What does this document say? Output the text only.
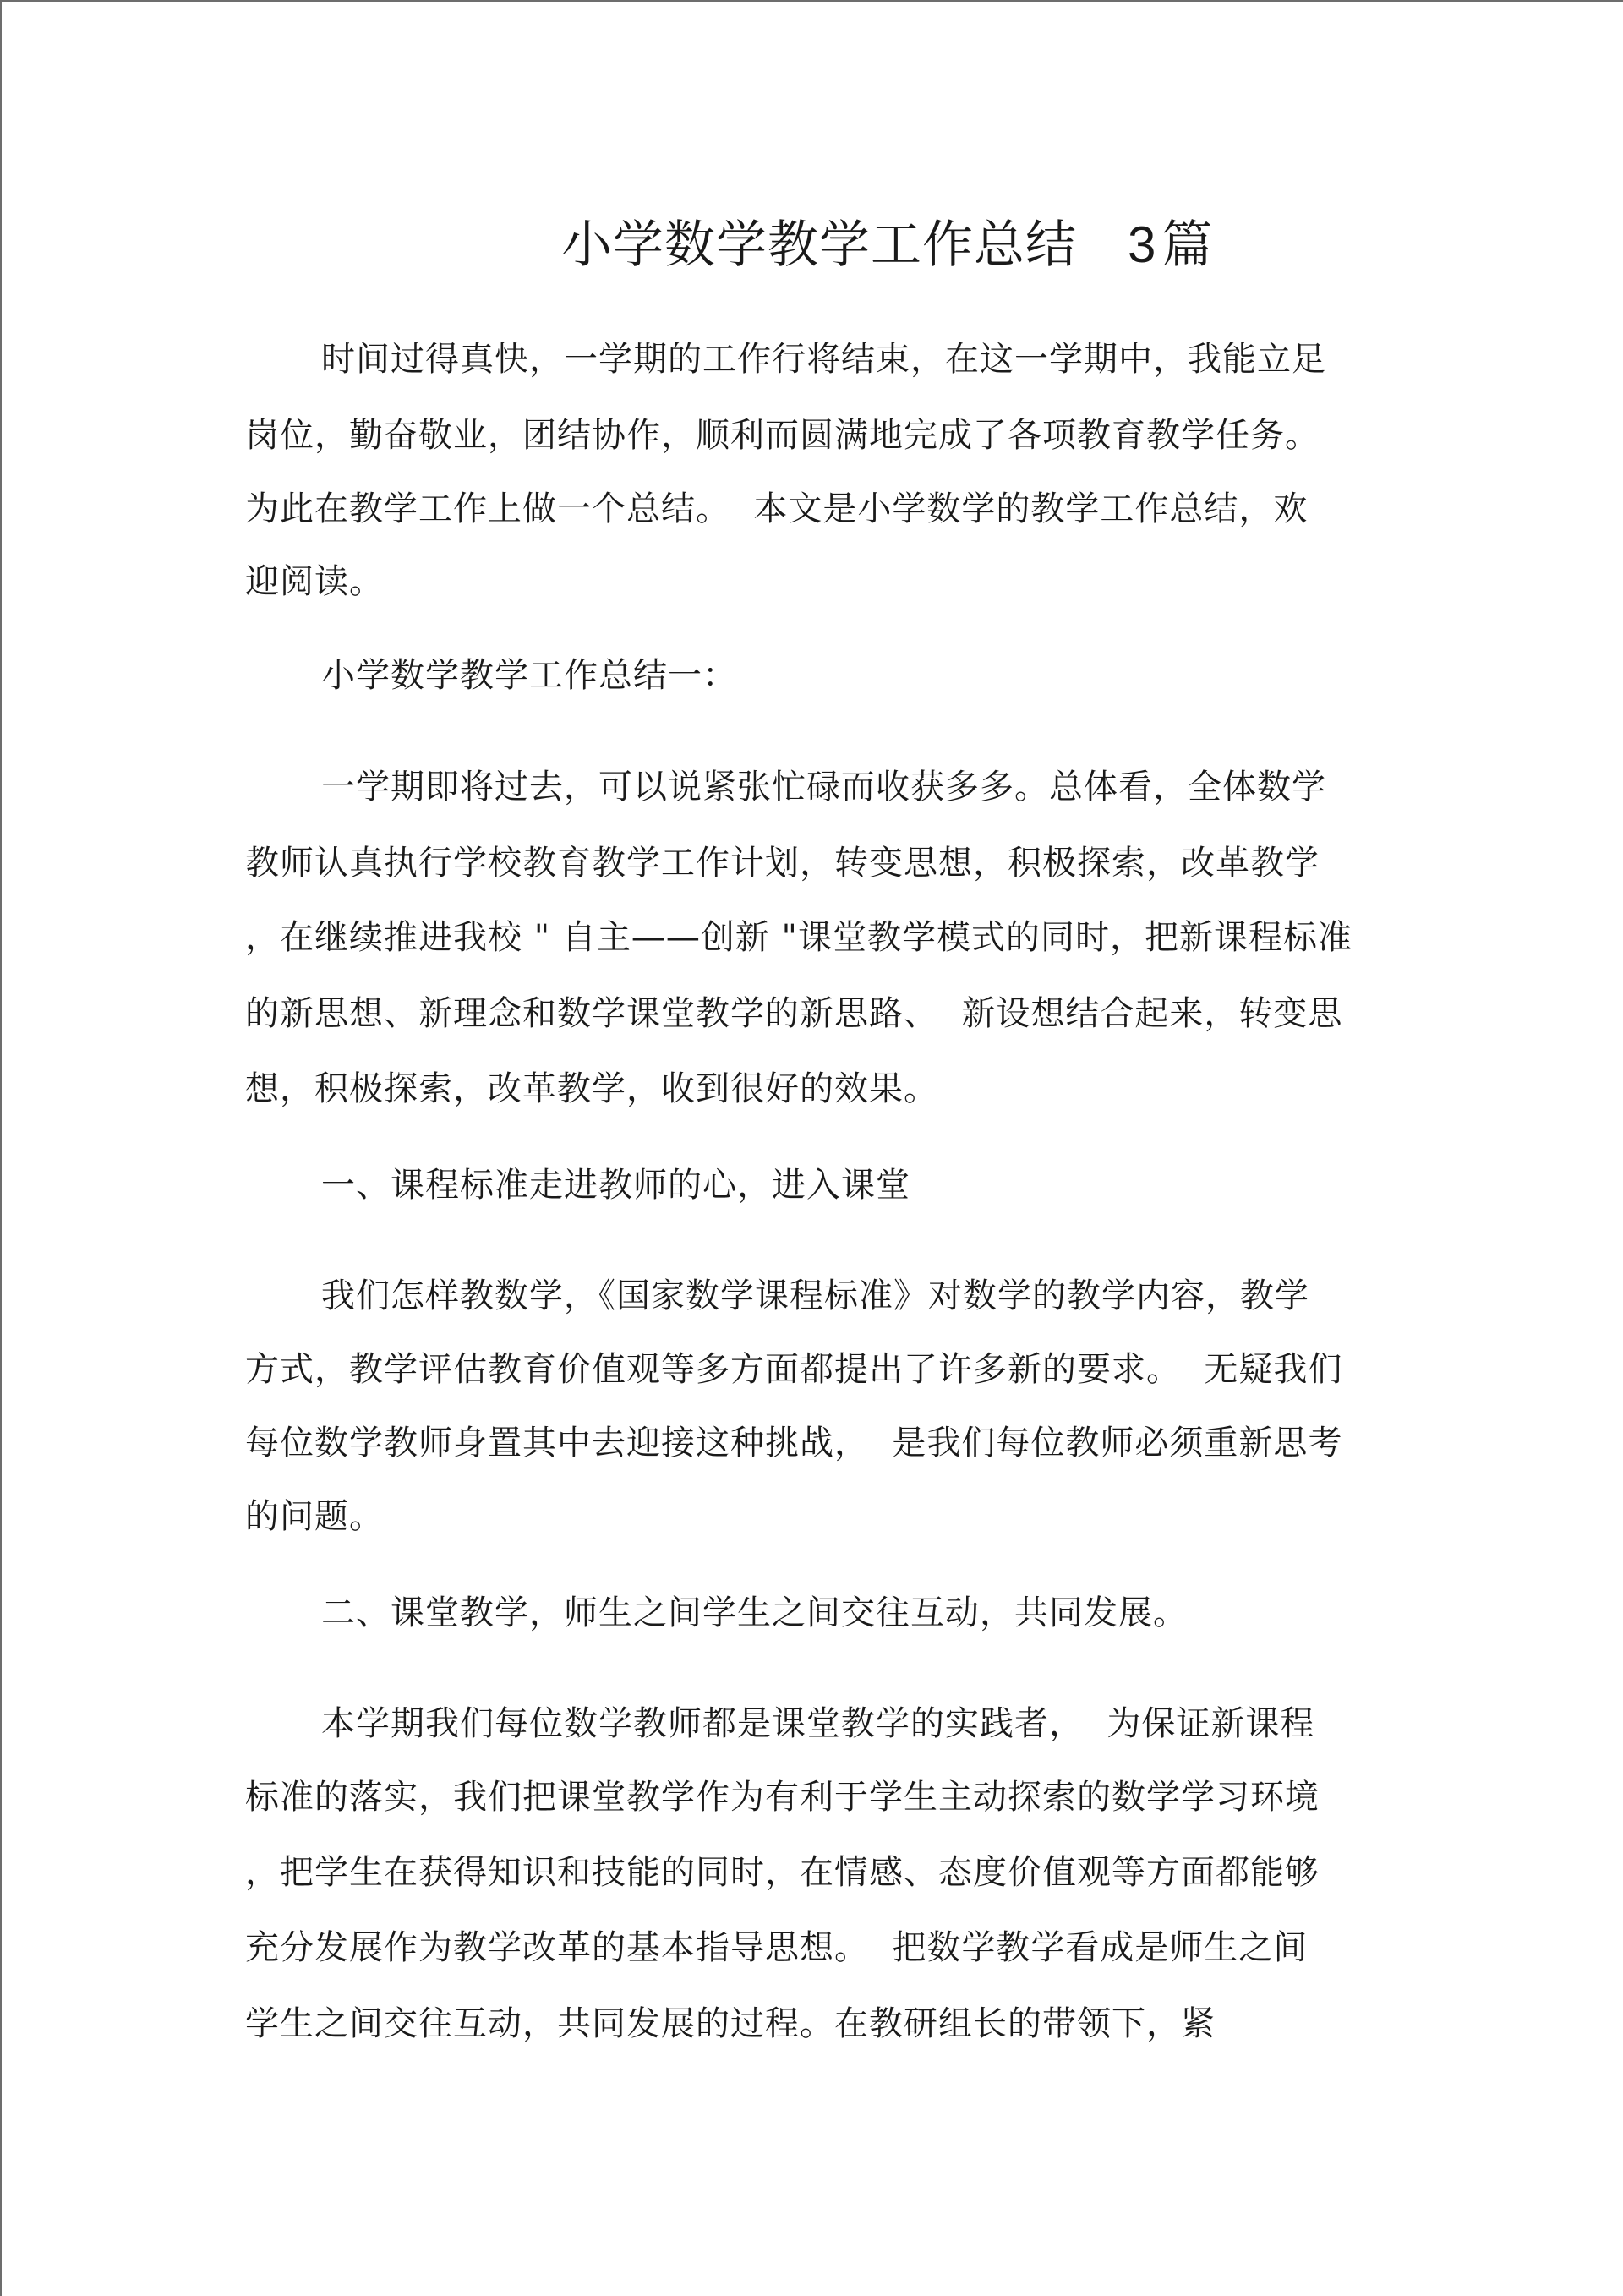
小学数学教学工作总结 3 篇
时间过得真快，一学期的工作行将结束，在这一学期中，我能立足
岗位，勤奋敬业，团结协作，顺利而圆满地完成了各项教育教学任务。
为此在教学工作上做一个总结。  本文是小学数学的教学工作总结，欢
迎阅读。
小学数学教学工作总结一：
一学期即将过去，可以说紧张忙碌而收获多多。总体看，全体数学
教师认真执行学校教育教学工作计划，转变思想，积极探索，改革教学
，在继续推进我校 " 自主——创新 "课堂教学模式的同时，把新课程标准
的新思想、新理念和数学课堂教学的新思路、  新设想结合起来，转变思
想，积极探索，改革教学，收到很好的效果。
一、课程标准走进教师的心，进入课堂
我们怎样教数学，《国家数学课程标准》对数学的教学内容，教学
方式，教学评估教育价值观等多方面都提出了许多新的要求。  无疑我们
每位数学教师身置其中去迎接这种挑战，  是我们每位教师必须重新思考
的问题。
二、课堂教学，师生之间学生之间交往互动，共同发展。
本学期我们每位数学教师都是课堂教学的实践者，  为保证新课程
标准的落实，我们把课堂教学作为有利于学生主动探索的数学学习环境
，把学生在获得知识和技能的同时，在情感、态度价值观等方面都能够
充分发展作为教学改革的基本指导思想。  把数学教学看成是师生之间
学生之间交往互动，共同发展的过程。在教研组长的带领下，紧
